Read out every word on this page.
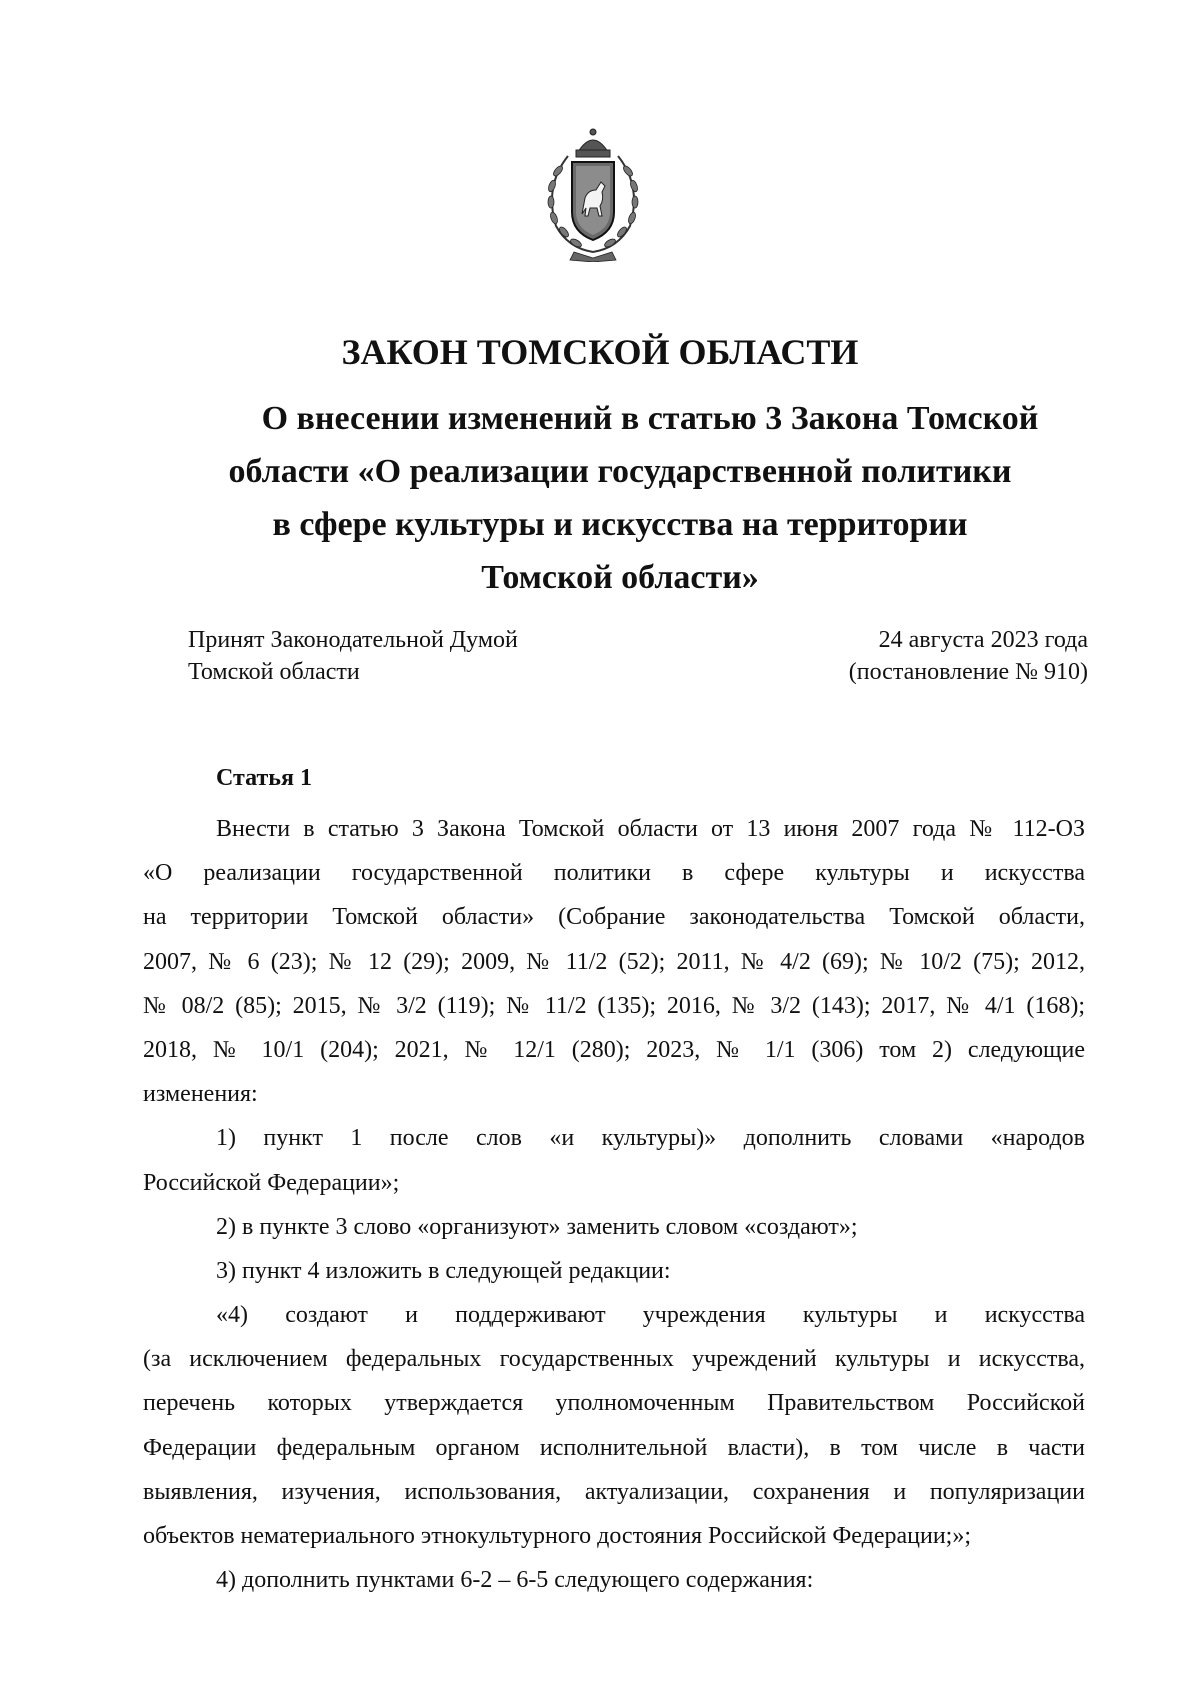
ЗАКОН ТОМСКОЙ ОБЛАСТИ
О внесении изменений в статью 3 Закона Томской
области «О реализации государственной политики
в сфере культуры и искусства на территории
Томской области»
Принят Законодательной Думой
Томской области
24 августа 2023 года
(постановление № 910)
Статья 1
Внести в статью 3 Закона Томской области от 13 июня 2007 года № 112-ОЗ
«О реализации государственной политики в сфере культуры и искусства
на территории Томской области» (Собрание законодательства Томской области,
2007, № 6 (23); № 12 (29); 2009, № 11/2 (52); 2011, № 4/2 (69); № 10/2 (75); 2012,
№ 08/2 (85); 2015, № 3/2 (119); № 11/2 (135); 2016, № 3/2 (143); 2017, № 4/1 (168);
2018, № 10/1 (204); 2021, № 12/1 (280); 2023, № 1/1 (306) том 2) следующие
изменения:
1) пункт 1 после слов «и культуры)» дополнить словами «народов
Российской Федерации»;
2) в пункте 3 слово «организуют» заменить словом «создают»;
3) пункт 4 изложить в следующей редакции:
«4) создают и поддерживают учреждения культуры и искусства
(за исключением федеральных государственных учреждений культуры и искусства,
перечень которых утверждается уполномоченным Правительством Российской
Федерации федеральным органом исполнительной власти), в том числе в части
выявления, изучения, использования, актуализации, сохранения и популяризации
объектов нематериального этнокультурного достояния Российской Федерации;»;
4) дополнить пунктами 6-2 – 6-5 следующего содержания:
